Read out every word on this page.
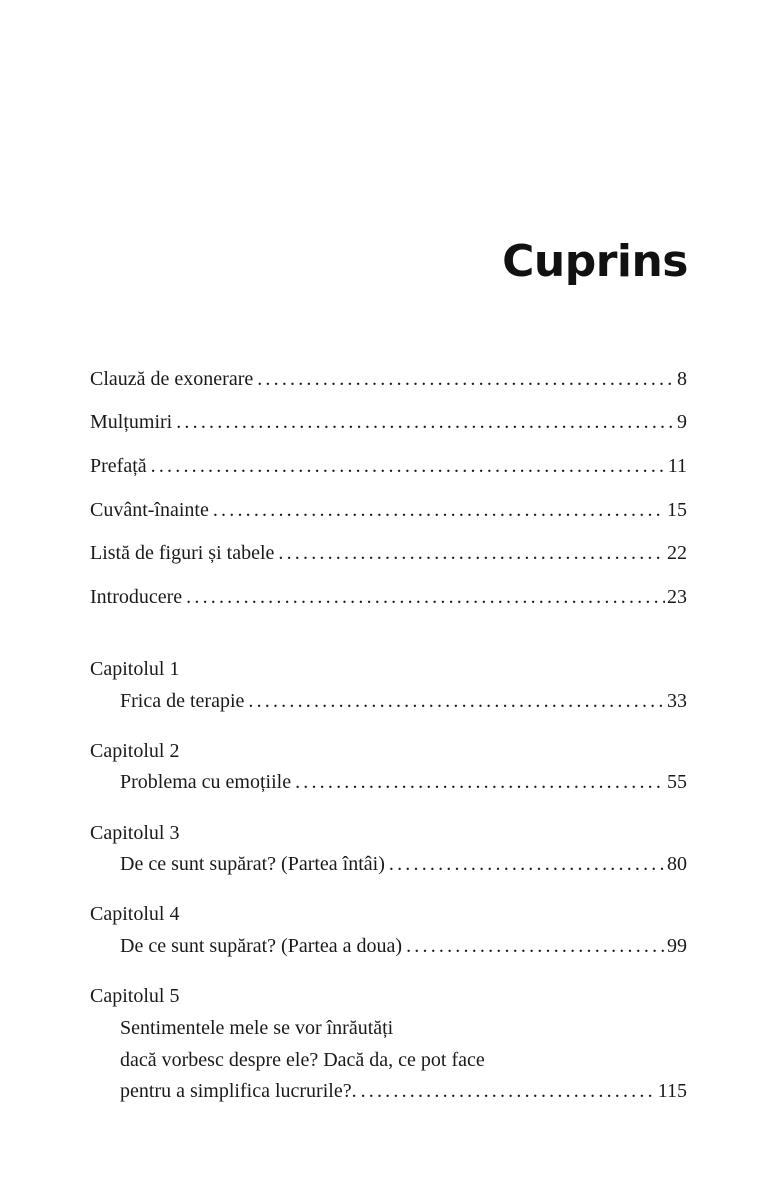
Cuprins
Clauză de exonerare .....	8
Mulțumiri .....	9
Prefață .....	11
Cuvânt-înainte .....	15
Listă de figuri și tabele .....	22
Introducere .....	23
Capitolul 1
Frica de terapie .....	33
Capitolul 2
Problema cu emoțiile .....	55
Capitolul 3
De ce sunt supărat? (Partea întâi) .....	80
Capitolul 4
De ce sunt supărat? (Partea a doua) .....	99
Capitolul 5
Sentimentele mele se vor înrăutăți
dacă vorbesc despre ele? Dacă da, ce pot face
pentru a simplifica lucrurile?. .....	115
